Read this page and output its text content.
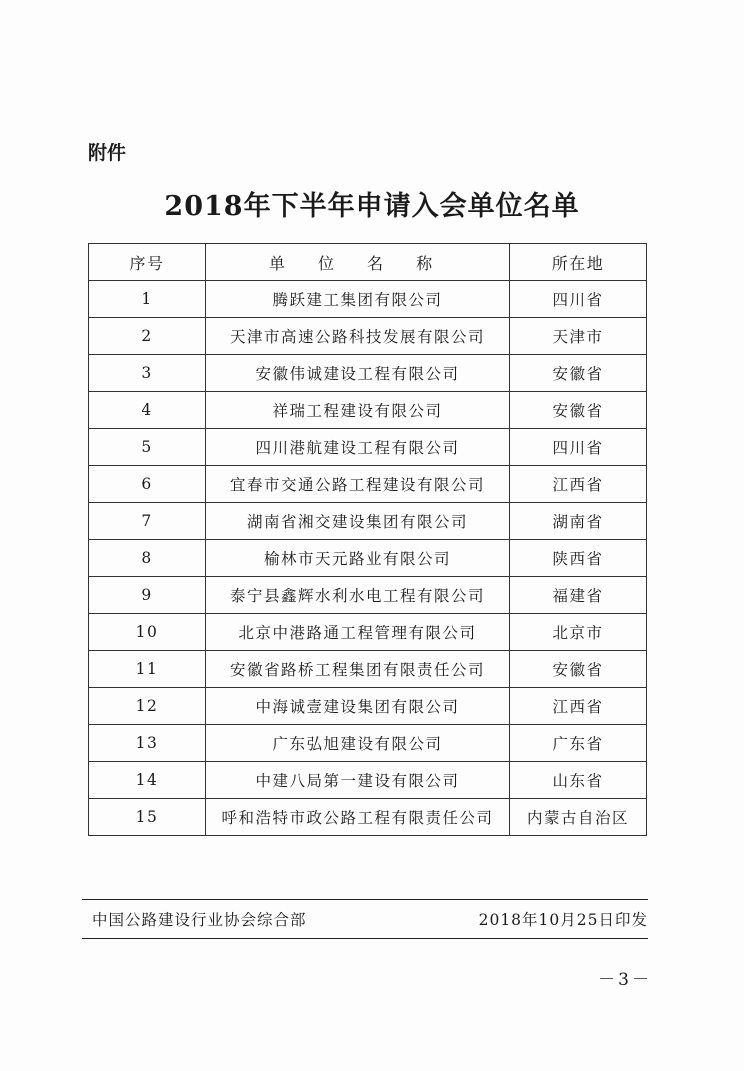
附件
2018年下半年申请入会单位名单
序号	单 位 名 称	所在地
1	腾跃建工集团有限公司	四川省
2	天津市高速公路科技发展有限公司	天津市
3	安徽伟诚建设工程有限公司	安徽省
4	祥瑞工程建设有限公司	安徽省
5	四川港航建设工程有限公司	四川省
6	宜春市交通公路工程建设有限公司	江西省
7	湖南省湘交建设集团有限公司	湖南省
8	榆林市天元路业有限公司	陕西省
9	泰宁县鑫辉水利水电工程有限公司	福建省
10	北京中港路通工程管理有限公司	北京市
11	安徽省路桥工程集团有限责任公司	安徽省
12	中海诚壹建设集团有限公司	江西省
13	广东弘旭建设有限公司	广东省
14	中建八局第一建设有限公司	山东省
15	呼和浩特市政公路工程有限责任公司	内蒙古自治区
中国公路建设行业协会综合部	2018年10月25日印发
－3－
